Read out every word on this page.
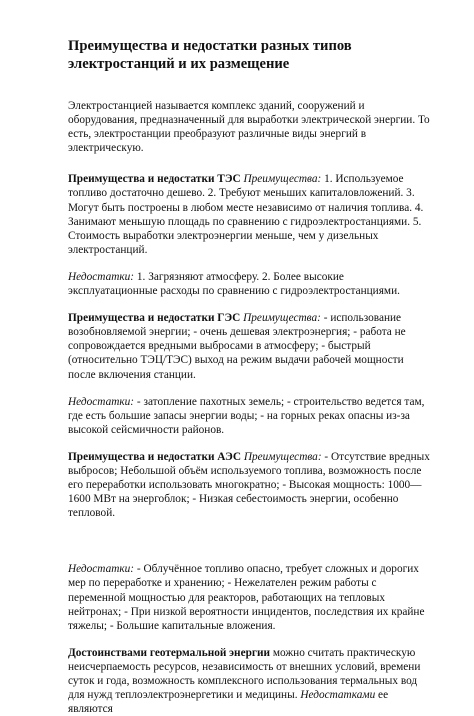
Преимущества и недостатки разных типов электростанций и их размещение

Электростанцией называется комплекс зданий, сооружений и оборудования, предназначенный для выработки электрической энергии. То есть, электростанции преобразуют различные виды энергий в электрическую.

Преимущества и недостатки ТЭС Преимущества: 1. Используемое топливо достаточно дешево. 2. Требуют меньших капиталовложений. 3. Могут быть построены в любом месте независимо от наличия топлива. 4. Занимают меньшую площадь по сравнению с гидроэлектростанциями. 5. Стоимость выработки электроэнергии меньше, чем у дизельных электростанций.

Недостатки: 1. Загрязняют атмосферу. 2. Более высокие эксплуатационные расходы по сравнению с гидроэлектростанциями.

Преимущества и недостатки ГЭС Преимущества: - использование возобновляемой энергии; - очень дешевая электроэнергия; - работа не сопровождается вредными выбросами в атмосферу; - быстрый (относительно ТЭЦ/ТЭС) выход на режим выдачи рабочей мощности после включения станции.

Недостатки: - затопление пахотных земель; - строительство ведется там, где есть большие запасы энергии воды; - на горных реках опасны из-за высокой сейсмичности районов.

Преимущества и недостатки АЭС Преимущества: - Отсутствие вредных выбросов; Небольшой объём используемого топлива, возможность после его переработки использовать многократно; - Высокая мощность: 1000—1600 МВт на энергоблок; - Низкая себестоимость энергии, особенно тепловой.

Недостатки: - Облучённое топливо опасно, требует сложных и дорогих мер по переработке и хранению; - Нежелателен режим работы с переменной мощностью для реакторов, работающих на тепловых нейтронах; - При низкой вероятности инцидентов, последствия их крайне тяжелы; - Большие капитальные вложения.

Достоинствами геотермальной энергии можно считать практическую неисчерпаемость ресурсов, независимость от внешних условий, времени суток и года, возможность комплексного использования термальных вод для нужд теплоэлектроэнергетики и медицины. Недостатками ее являются
